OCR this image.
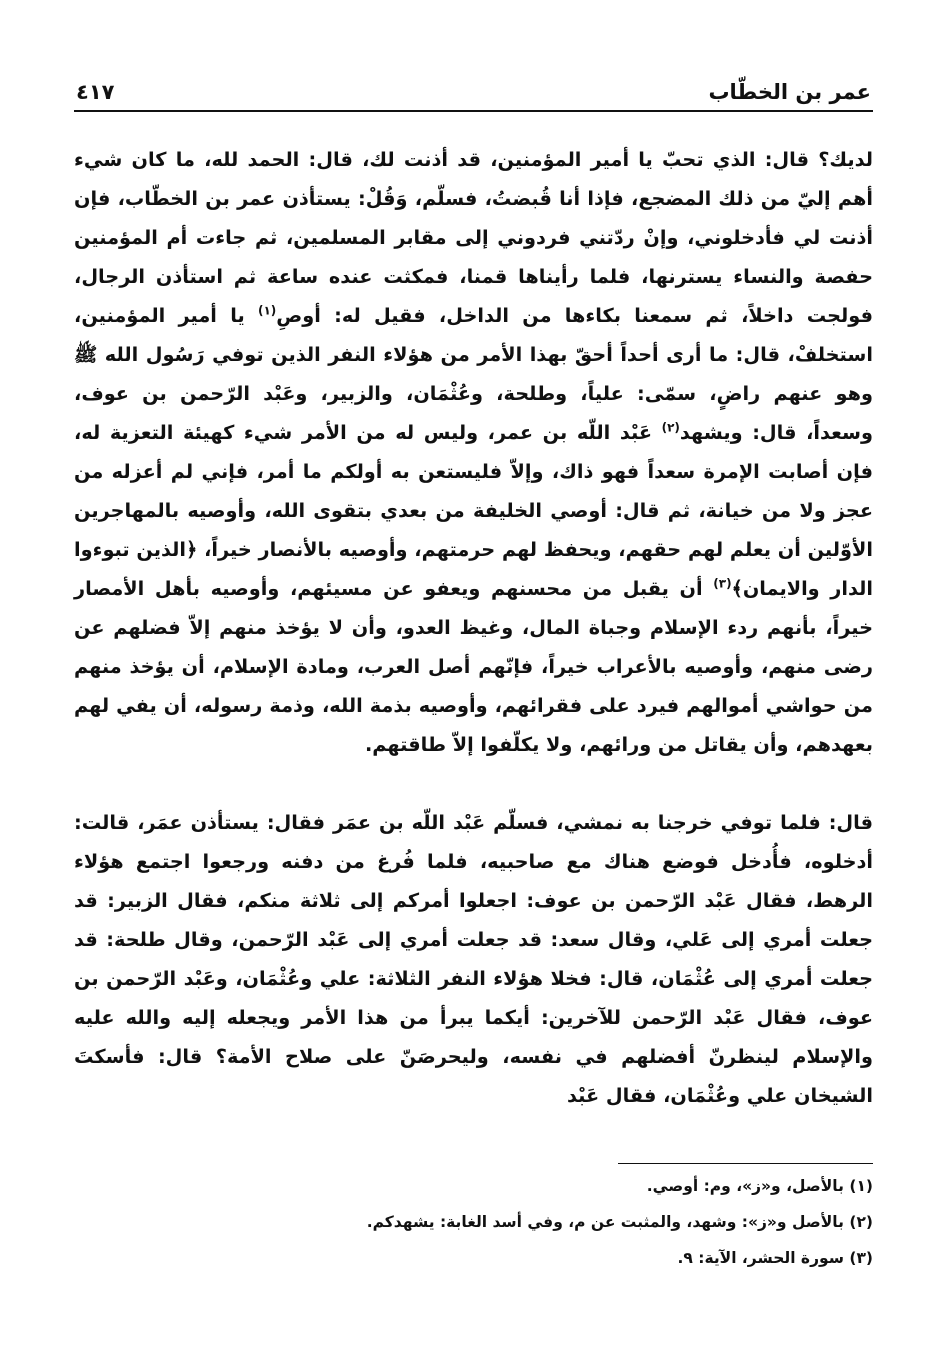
عمر بن الخطّاب
٤١٧

لديك؟ قال: الذي تحبّ يا أمير المؤمنين، قد أذنت لك، قال: الحمد لله، ما كان شيء أهم إليّ من ذلك المضجع، فإذا أنا قُبضتُ، فسلّم، وَقُلْ: يستأذن عمر بن الخطّاب، فإن أذنت لي فأدخلوني، وإنْ ردّتني فردوني إلى مقابر المسلمين، ثم جاءت أم المؤمنين حفصة والنساء يسترنها، فلما رأيناها قمنا، فمكثت عنده ساعة ثم استأذن الرجال، فولجت داخلاً، ثم سمعنا بكاءها من الداخل، فقيل له: أوصِ$^{(١)}$ يا أمير المؤمنين، استخلفْ، قال: ما أرى أحداً أحقّ بهذا الأمر من هؤلاء النفر الذين توفي رَسُول الله ﷺ وهو عنهم راضٍ، سمّى: علياً، وطلحة، وعُثْمَان، والزبير، وعَبْد الرّحمن بن عوف، وسعداً، قال: ويشهد$^{(٢)}$ عَبْد اللّه بن عمر، وليس له من الأمر شيء كهيئة التعزية له، فإن أصابت الإمرة سعداً فهو ذاك، وإلاّ فليستعن به أولكم ما أمر، فإني لم أعزله من عجز ولا من خيانة، ثم قال: أوصي الخليفة من بعدي بتقوى الله، وأوصيه بالمهاجرين الأوّلين أن يعلم لهم حقهم، ويحفظ لهم حرمتهم، وأوصيه بالأنصار خيراً، ﴿الذين تبوءوا الدار والايمان﴾$^{(٣)}$ أن يقبل من محسنهم ويعفو عن مسيئهم، وأوصيه بأهل الأمصار خيراً، بأنهم ردء الإسلام وجباة المال، وغيظ العدو، وأن لا يؤخذ منهم إلاّ فضلهم عن رضى منهم، وأوصيه بالأعراب خيراً، فإنّهم أصل العرب، ومادة الإسلام، أن يؤخذ منهم من حواشي أموالهم فيرد على فقرائهم، وأوصيه بذمة الله، وذمة رسوله، أن يفي لهم بعهدهم، وأن يقاتل من ورائهم، ولا يكلّفوا إلاّ طاقتهم.

قال: فلما توفي خرجنا به نمشي، فسلّم عَبْد اللّه بن عمَر فقال: يستأذن عمَر، قالت: أدخلوه، فأُدخل فوضع هناك مع صاحبيه، فلما فُرغ من دفنه ورجعوا اجتمع هؤلاء الرهط، فقال عَبْد الرّحمن بن عوف: اجعلوا أمركم إلى ثلاثة منكم، فقال الزبير: قد جعلت أمري إلى عَلي، وقال سعد: قد جعلت أمري إلى عَبْد الرّحمن، وقال طلحة: قد جعلت أمري إلى عُثْمَان، قال: فخلا هؤلاء النفر الثلاثة: علي وعُثْمَان، وعَبْد الرّحمن بن عوف، فقال عَبْد الرّحمن للآخرين: أيكما يبرأ من هذا الأمر ويجعله إليه والله عليه والإسلام لينظرنّ أفضلهم في نفسه، وليحرصَنّ على صلاح الأمة؟ قال: فأسكتَ الشيخان علي وعُثْمَان، فقال عَبْد

(١) بالأصل، و«ز»، وم: أوصي.
(٢) بالأصل و«ز»: وشهد، والمثبت عن م، وفي أسد الغابة: يشهدكم.
(٣) سورة الحشر، الآية: ٩.
